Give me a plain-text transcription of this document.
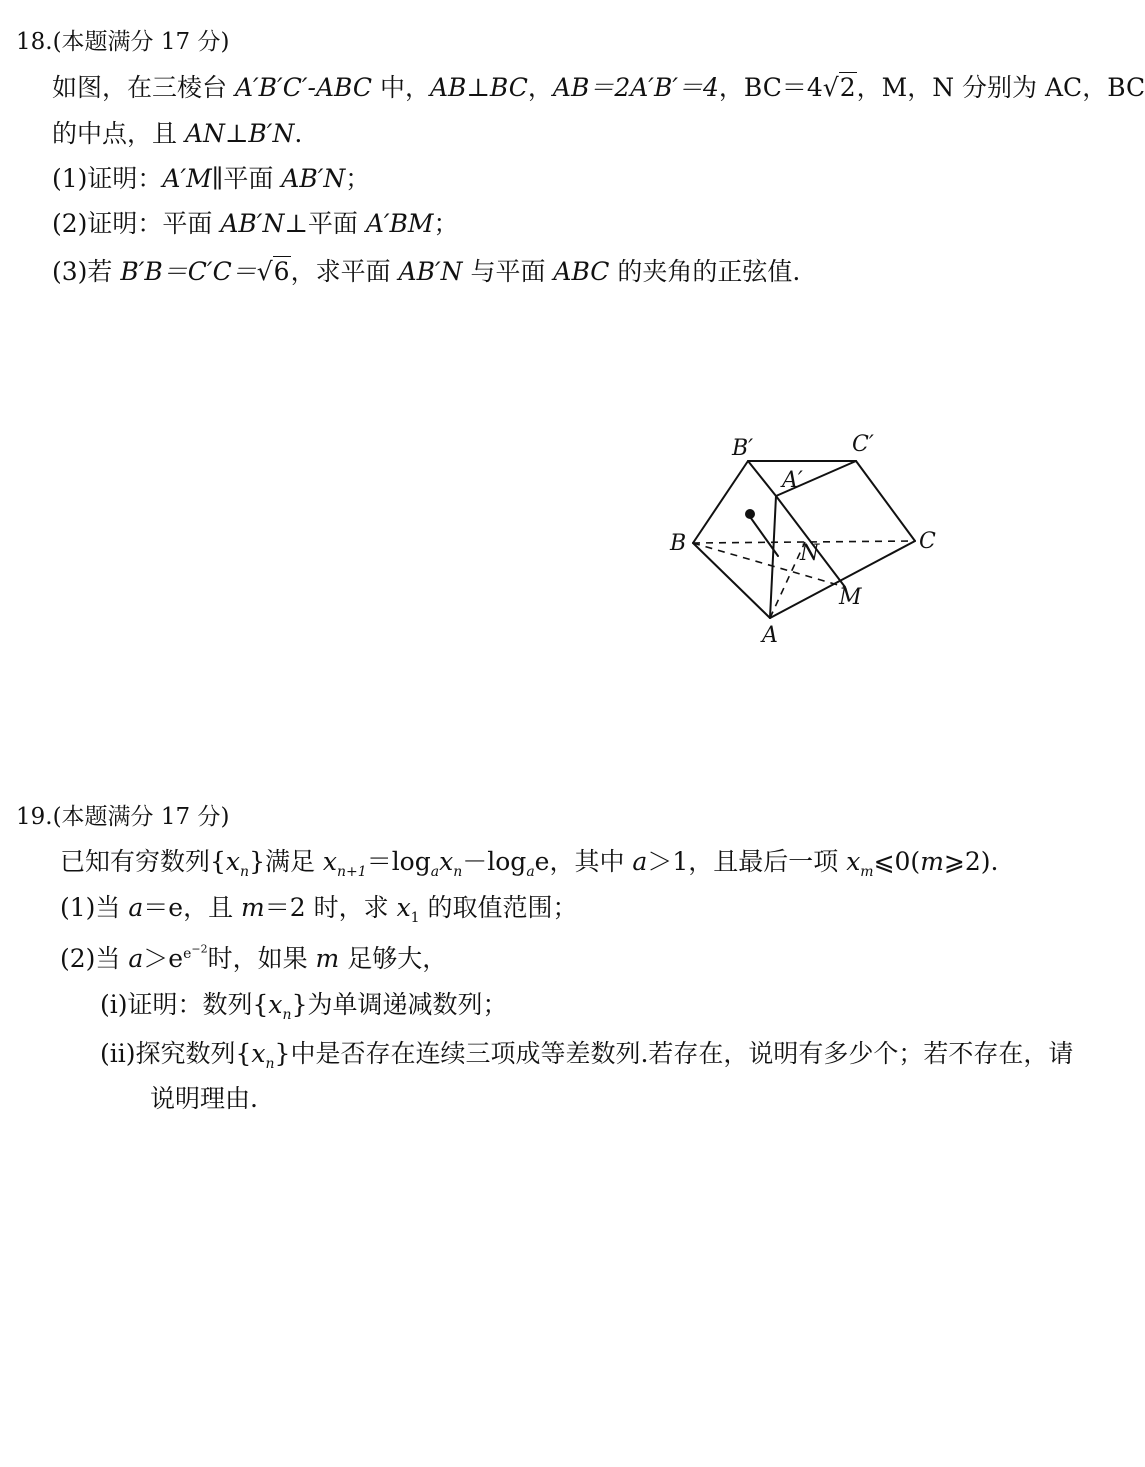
18.(本题满分 17 分)
如图，在三棱台 A′B′C′-ABC 中，AB⊥BC，AB＝2A′B′＝4，BC＝4√2，M，N 分别为 AC，BC
的中点，且 AN⊥B′N.
(1)证明：A′M∥平面 AB′N；
(2)证明：平面 AB′N⊥平面 A′BM；
(3)若 B′B＝C′C＝√6，求平面 AB′N 与平面 ABC 的夹角的正弦值.
B′	C′
A′
B	C
N
M
A
19.(本题满分 17 分)
已知有穷数列$\{x_n\}$满足 $x_{n+1}=\log_ax_n-\log_ae$，其中 a＞1，且最后一项 $x_m⩽0(m⩾2)$.
(1)当 a＝e，且 m＝2 时，求 $x_1$ 的取值范围；
(2)当 $a>e^{e^{-2}}$时，如果 m 足够大，
(ⅰ)证明：数列$\{x_n\}$为单调递减数列；
(ⅱ)探究数列$\{x_n\}$中是否存在连续三项成等差数列.若存在，说明有多少个；若不存在，请
说明理由.
